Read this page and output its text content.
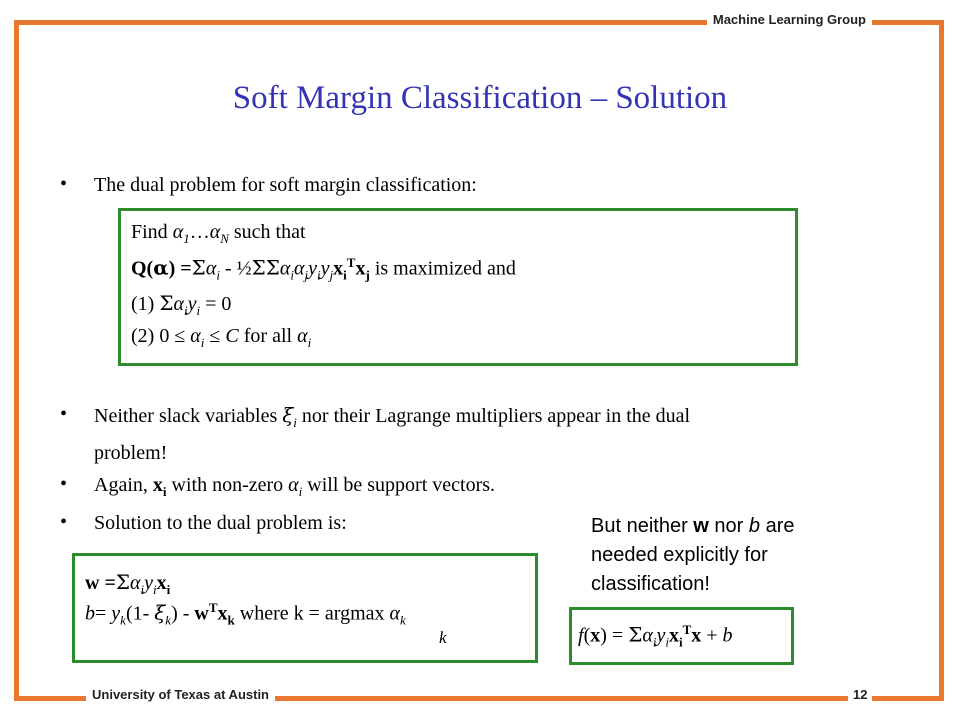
Machine Learning Group
University of Texas at Austin	12
Soft Margin Classification – Solution
• The dual problem for soft margin classification:
Find $\alpha_1\dots\alpha_N$ such that
$Q(\alpha) =\Sigma\alpha_i$ - $\frac{1}{2}\Sigma\Sigma\alpha_i\alpha_jy_iy_jx_i^Tx_j$ is maximized and
(1) $\Sigma\alpha_iy_i = 0$
(2) $0 \le \alpha_i \le C$ for all $\alpha_i$
• Neither slack variables $\xi_i$ nor their Lagrange multipliers appear in the dual
problem!
• Again, $x_i$ with non-zero $\alpha_i$ will be support vectors.
• Solution to the dual problem is:	But neither w nor b are needed explicitly for classification!
$w =\Sigma\alpha_iy_ix_i$
$b= y_k(1-$ $\xi_k) - w^Tx_k$ where k = argmax $\alpha_k$
k	$f(x) = \Sigma\alpha_iy_ix_i^Tx + b$
